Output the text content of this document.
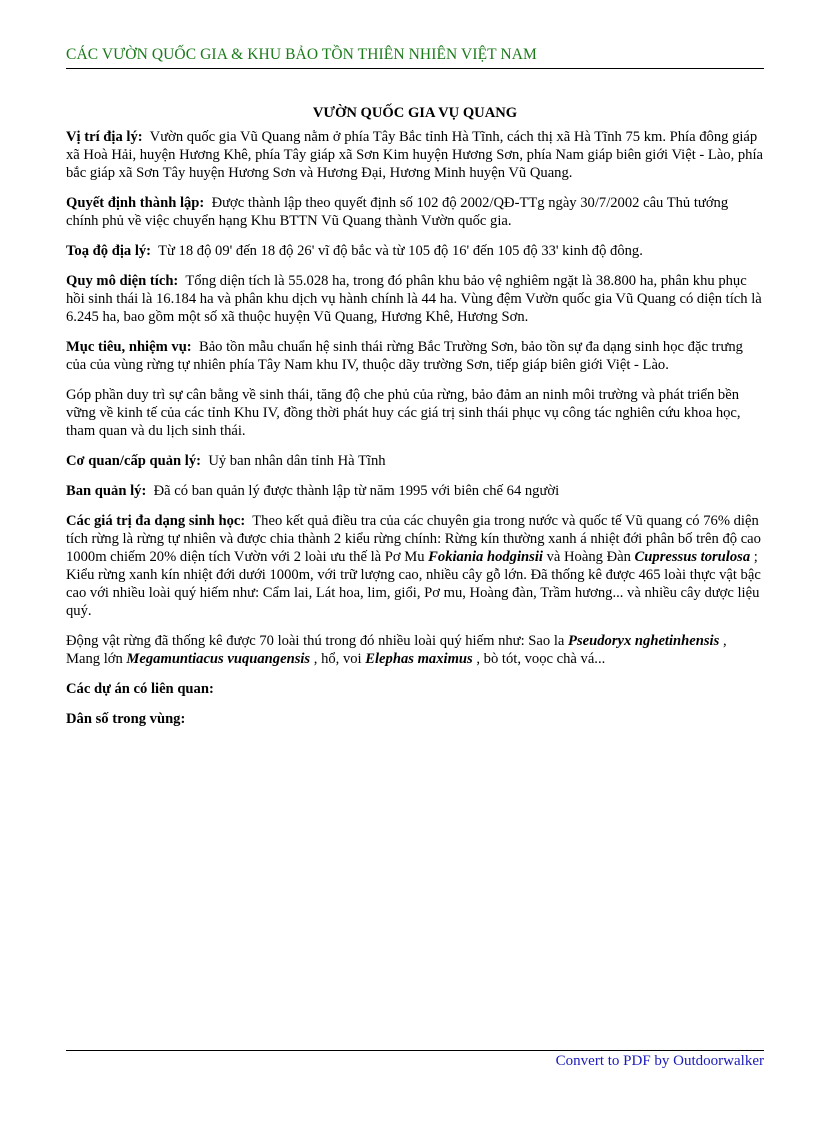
CÁC VƯỜN QUỐC GIA & KHU BẢO TỒN THIÊN NHIÊN VIỆT NAM
VƯỜN QUỐC GIA VỤ QUANG

Vị trí địa lý: Vườn quốc gia Vũ Quang nằm ở phía Tây Bắc tỉnh Hà Tĩnh, cách thị xã Hà Tĩnh 75 km. Phía đông giáp xã Hoà Hải, huyện Hương Khê, phía Tây giáp xã Sơn Kim huyện Hương Sơn, phía Nam giáp biên giới Việt - Lào, phía bắc giáp xã Sơn Tây huyện Hương Sơn và Hương Đại, Hương Minh huyện Vũ Quang.

Quyết định thành lập: Được thành lập theo quyết định số 102 độ 2002/QĐ-TTg ngày 30/7/2002 câu Thủ tướng chính phủ về việc chuyển hạng Khu BTTN Vũ Quang thành Vườn quốc gia.

Toạ độ địa lý: Từ 18 độ 09' đến 18 độ 26' vĩ độ bắc và từ 105 độ 16' đến 105 độ 33' kinh độ đông.

Quy mô diện tích: Tổng diện tích là 55.028 ha, trong đó phân khu bảo vệ nghiêm ngặt là 38.800 ha, phân khu phục hồi sinh thái là 16.184 ha và phân khu dịch vụ hành chính là 44 ha. Vùng đệm Vườn quốc gia Vũ Quang có diện tích là 6.245 ha, bao gồm một số xã thuộc huyện Vũ Quang, Hương Khê, Hương Sơn.

Mục tiêu, nhiệm vụ: Bảo tồn mẫu chuẩn hệ sinh thái rừng Bắc Trường Sơn, bảo tồn sự đa dạng sinh học đặc trưng của của vùng rừng tự nhiên phía Tây Nam khu IV, thuộc dãy trường Sơn, tiếp giáp biên giới Việt - Lào.

Góp phần duy trì sự cân bằng về sinh thái, tăng độ che phủ của rừng, bảo đảm an ninh môi trường và phát triển bền vững về kinh tế của các tỉnh Khu IV, đồng thời phát huy các giá trị sinh thái phục vụ công tác nghiên cứu khoa học, tham quan và du lịch sinh thái.

Cơ quan/cấp quản lý: Uỷ ban nhân dân tỉnh Hà Tĩnh

Ban quản lý: Đã có ban quản lý được thành lập từ năm 1995 với biên chế 64 người

Các giá trị đa dạng sinh học: Theo kết quả điều tra của các chuyên gia trong nước và quốc tế Vũ quang có 76% diện tích rừng là rừng tự nhiên và được chia thành 2 kiểu rừng chính: Rừng kín thường xanh á nhiệt đới phân bố trên độ cao 1000m chiếm 20% diện tích Vườn với 2 loài ưu thế là Pơ Mu Fokiania hodginsii và Hoàng Đàn Cupressus torulosa ; Kiểu rừng xanh kín nhiệt đới dưới 1000m, với trữ lượng cao, nhiều cây gỗ lớn. Đã thống kê được 465 loài thực vật bậc cao với nhiều loài quý hiếm như: Cẩm lai, Lát hoa, lim, giổi, Pơ mu, Hoàng đàn, Trầm hương... và nhiều cây dược liệu quý.

Động vật rừng đã thống kê được 70 loài thú trong đó nhiều loài quý hiếm như: Sao la Pseudoryx nghetinhensis , Mang lớn Megamuntiacus vuquangensis , hổ, voi Elephas maximus , bò tót, voọc chà vá...

Các dự án có liên quan:

Dân số trong vùng:

Convert to PDF by Outdoorwalker
